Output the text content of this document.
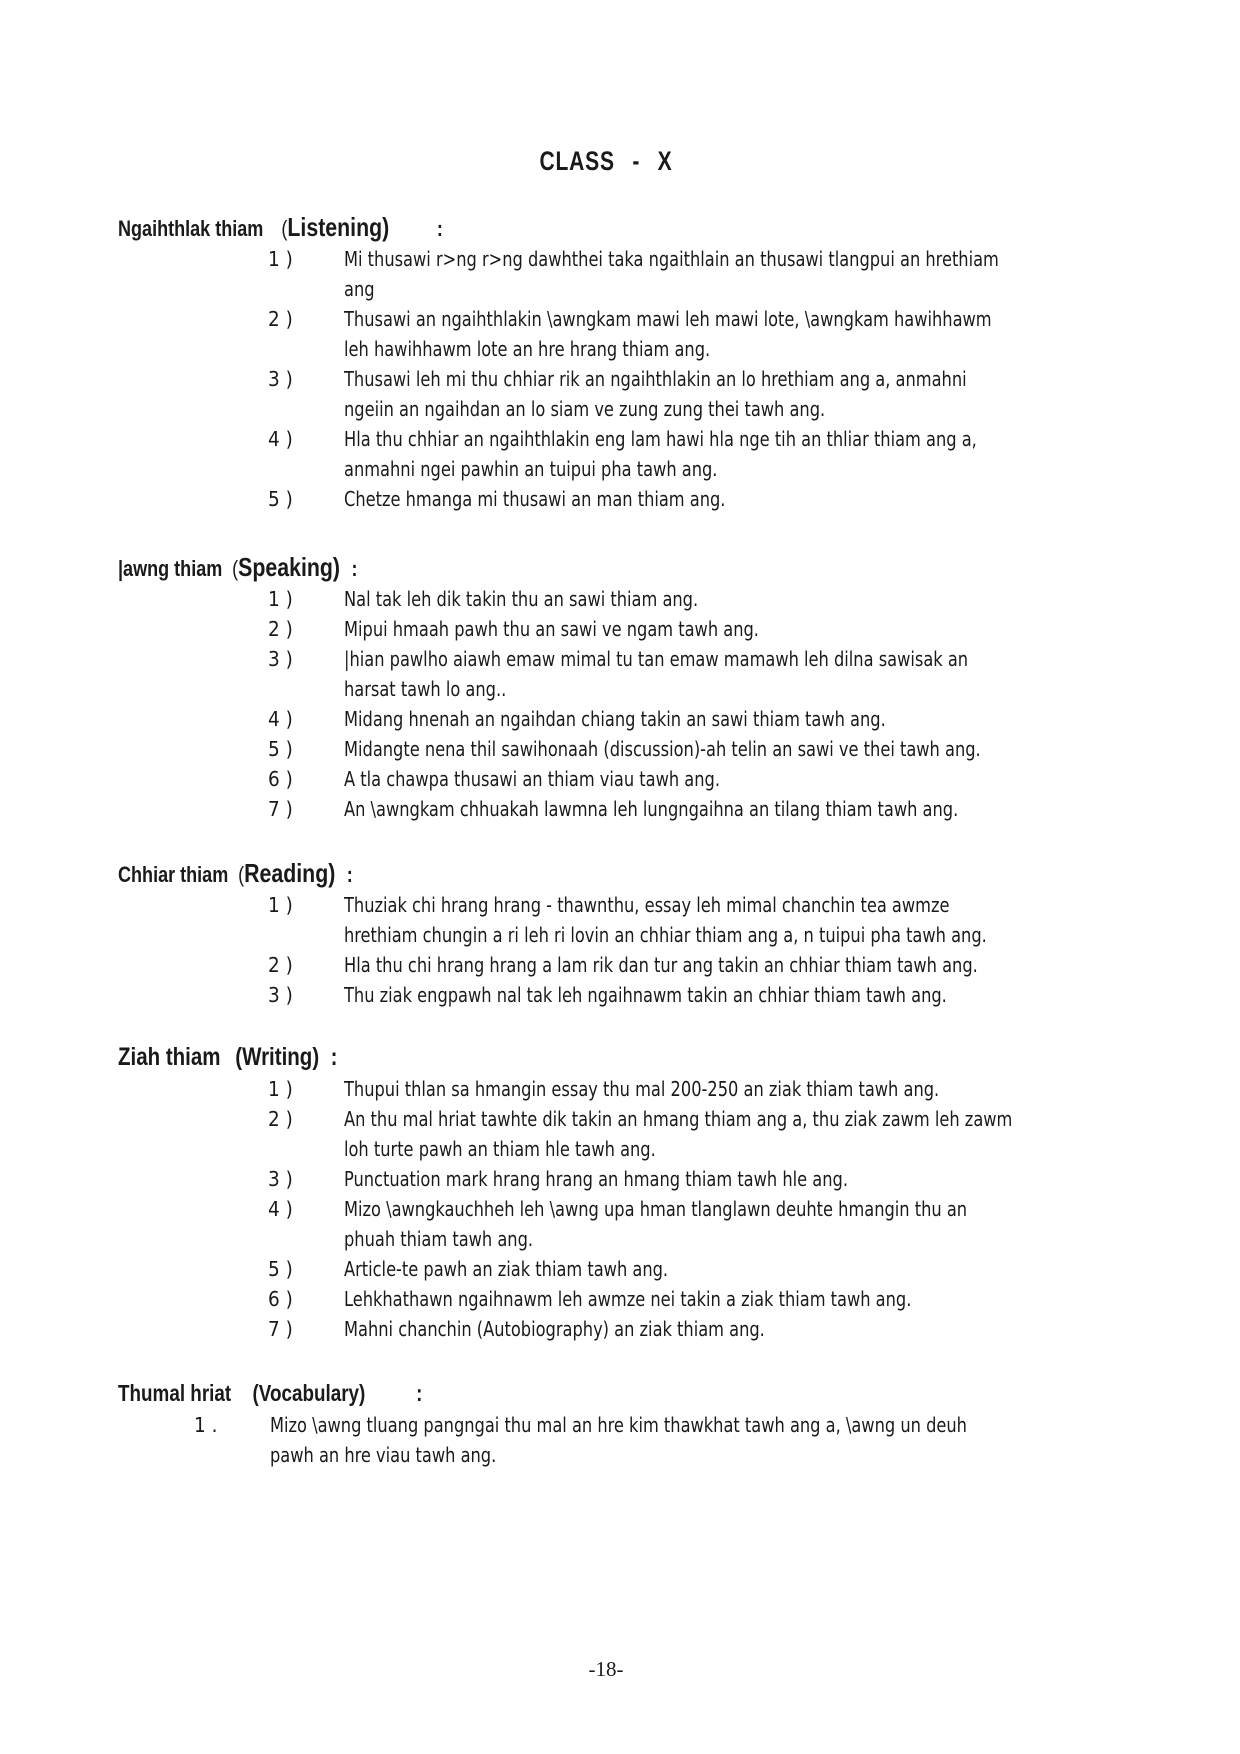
CLASS - X
Ngaihthlak thiam (Listening) :
1 )	Mi thusawi r>ng r>ng dawhthei taka ngaithlain an thusawi tlangpui an hrethiam ang
2 )	Thusawi an ngaihthlakin \awngkam mawi leh mawi lote, \awngkam hawihhawm leh hawihhawm lote an hre hrang thiam ang.
3 )	Thusawi leh mi thu chhiar rik an ngaihthlakin an lo hrethiam ang a, anmahni ngeiin an ngaihdan an lo siam ve zung zung thei tawh ang.
4 )	Hla thu chhiar an ngaihthlakin eng lam hawi hla nge tih an thliar thiam ang a, anmahni ngei pawhin an tuipui pha tawh ang.
5 )	Chetze hmanga mi thusawi an man thiam ang.
|awng thiam (Speaking) :
1 )	Nal tak leh dik takin thu an sawi thiam ang.
2 )	Mipui hmaah pawh thu an sawi ve ngam tawh ang.
3 )	|hian pawlho aiawh emaw mimal tu tan emaw mamawh leh dilna sawisak an harsat tawh lo ang..
4 )	Midang hnenah an ngaihdan chiang takin an sawi thiam tawh ang.
5 )	Midangte nena thil sawihonaah (discussion)-ah telin an sawi ve thei tawh ang.
6 )	A tla chawpa thusawi an thiam viau tawh ang.
7 )	An \awngkam chhuakah lawmna leh lungngaihna an tilang thiam tawh ang.
Chhiar thiam (Reading) :
1 )	Thuziak chi hrang hrang - thawnthu, essay leh mimal chanchin tea awmze hrethiam chungin a ri leh ri lovin an chhiar thiam ang a, n tuipui pha tawh ang.
2 )	Hla thu chi hrang hrang a lam rik dan tur ang takin an chhiar thiam tawh ang.
3 )	Thu ziak engpawh nal tak leh ngaihnawm takin an chhiar thiam tawh ang.
Ziah thiam (Writing) :
1 )	Thupui thlan sa hmangin essay thu mal 200-250 an ziak thiam tawh ang.
2 )	An thu mal hriat tawhte dik takin an hmang thiam ang a, thu ziak zawm leh zawm loh turte pawh an thiam hle tawh ang.
3 )	Punctuation mark hrang hrang an hmang thiam tawh hle ang.
4 )	Mizo \awngkauchheh leh \awng upa hman tlanglawn deuhte hmangin thu an phuah thiam tawh ang.
5 )	Article-te pawh an ziak thiam tawh ang.
6 )	Lehkhathawn ngaihnawm leh awmze nei takin a ziak thiam tawh ang.
7 )	Mahni chanchin (Autobiography) an ziak thiam ang.
Thumal hriat (Vocabulary) :
1 .	Mizo \awng tluang pangngai thu mal an hre kim thawkhat tawh ang a, \awng un deuh pawh an hre viau tawh ang.
-18-
